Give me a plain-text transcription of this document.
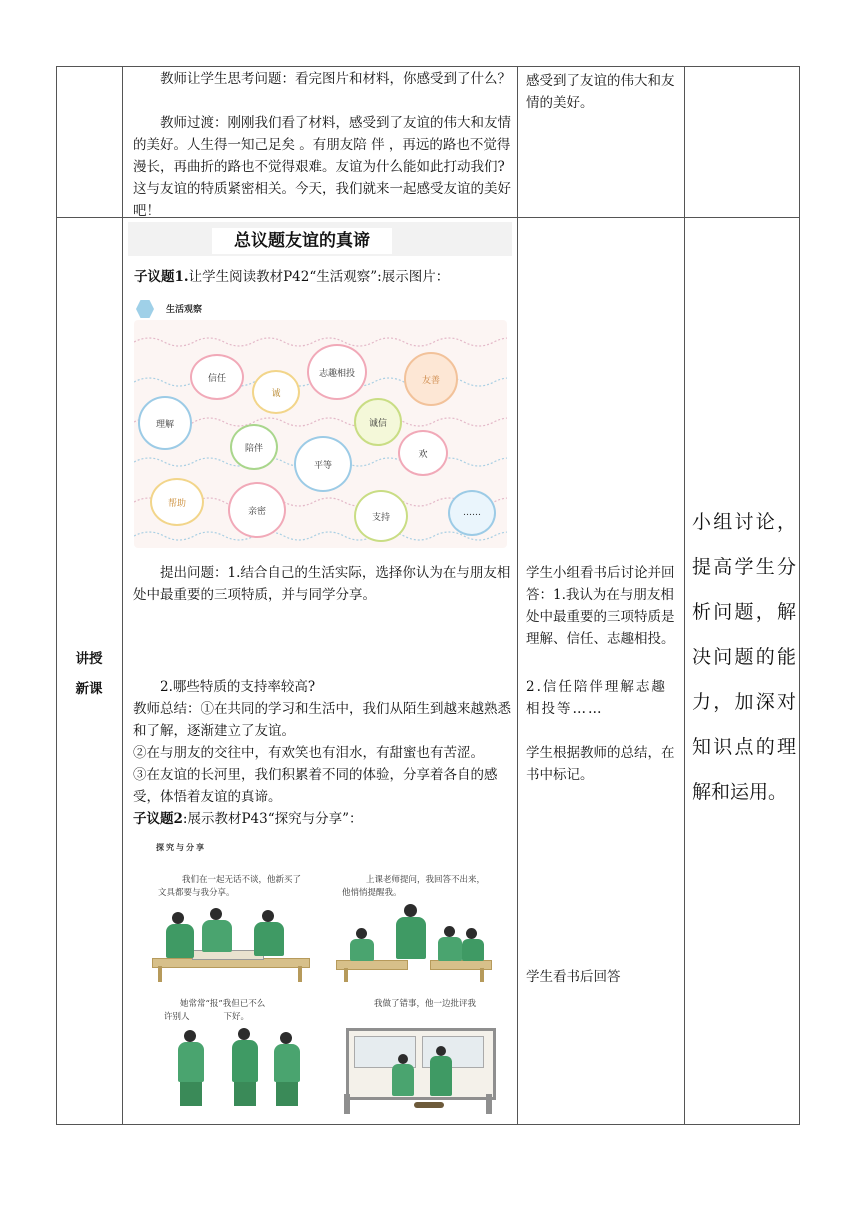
教师让学生思考问题：看完图片和材料，你感受到了什么？
教师过渡：刚刚我们看了材料，感受到了友谊的伟大和友情的美好。人生得一知己足矣 。有朋友陪 伴 ，再远的路也不觉得漫长，再曲折的路也不觉得艰难。友谊为什么能如此打动我们?这与友谊的特质紧密相关。今天，我们就来一起感受友谊的美好吧！
感受到了友谊的伟大和友情的美好。
讲授
新课
总议题友谊的真谛
子议题1.让学生阅读教材P42“生活观察”:展示图片：
生活观察
信任
诚
志趣相投
友善
理解
陪伴
平等
诚信
欢
帮助
亲密
支持	……
提出问题：1.结合自己的生活实际，选择你认为在与朋友相处中最重要的三项特质，并与同学分享。
2.哪些特质的支持率较高?
教师总结：①在共同的学习和生活中，我们从陌生到越来越熟悉和了解，逐渐建立了友谊。
②在与朋友的交往中，有欢笑也有泪水，有甜蜜也有苦涩。
③在友谊的长河里，我们积累着不同的体验，分享着各自的感受，体悟着友谊的真谛。
子议题2:展示教材P43“探究与分享”：
探究与分享
我们在一起无话不谈，他新买了文具都要与我分享。
上课老师提问，我回答不出来，他悄悄提醒我。
她常常“报”我但已不么
许别人	下好。
我做了错事，他一边批评我
学生小组看书后讨论并回答：1.我认为在与朋友相处中最重要的三项特质是理解、信任、志趣相投。
2.信任陪伴理解志趣相投等……
学生根据教师的总结，在书中标记。
学生看书后回答
小组讨论，提高学生分析问题，解决问题的能力，加深对知识点的理解和运用。
